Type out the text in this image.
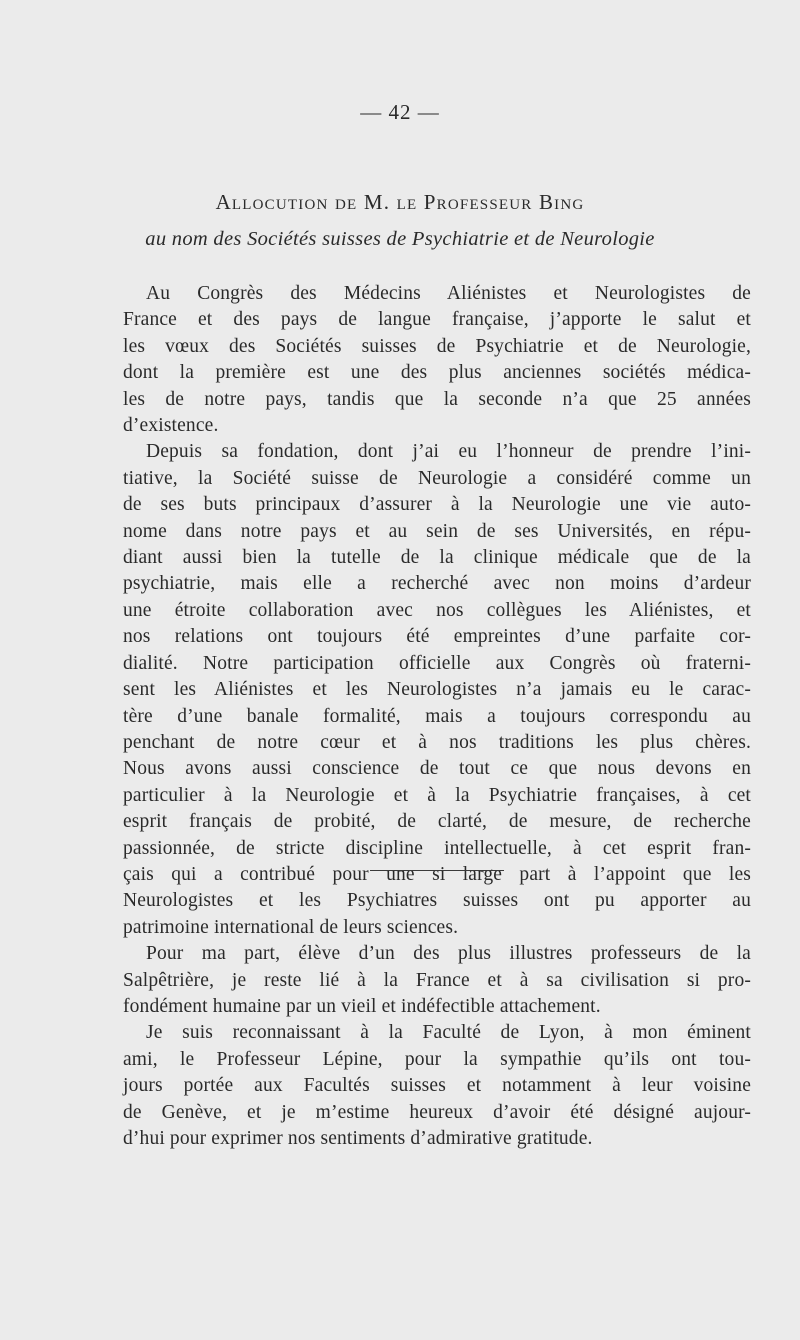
— 42 —
Allocution de M. le Professeur Bing
au nom des Sociétés suisses de Psychiatrie et de Neurologie
Au Congrès des Médecins Aliénistes et Neurologistes de
France et des pays de langue française, j’apporte le salut et
les vœux des Sociétés suisses de Psychiatrie et de Neurologie,
dont la première est une des plus anciennes sociétés médica-
les de notre pays, tandis que la seconde n’a que 25 années
d’existence.
Depuis sa fondation, dont j’ai eu l’honneur de prendre l’ini-
tiative, la Société suisse de Neurologie a considéré comme un
de ses buts principaux d’assurer à la Neurologie une vie auto-
nome dans notre pays et au sein de ses Universités, en répu-
diant aussi bien la tutelle de la clinique médicale que de la
psychiatrie, mais elle a recherché avec non moins d’ardeur
une étroite collaboration avec nos collègues les Aliénistes, et
nos relations ont toujours été empreintes d’une parfaite cor-
dialité. Notre participation officielle aux Congrès où fraterni-
sent les Aliénistes et les Neurologistes n’a jamais eu le carac-
tère d’une banale formalité, mais a toujours correspondu au
penchant de notre cœur et à nos traditions les plus chères.
Nous avons aussi conscience de tout ce que nous devons en
particulier à la Neurologie et à la Psychiatrie françaises, à cet
esprit français de probité, de clarté, de mesure, de recherche
passionnée, de stricte discipline intellectuelle, à cet esprit fran-
çais qui a contribué pour une si large part à l’appoint que les
Neurologistes et les Psychiatres suisses ont pu apporter au
patrimoine international de leurs sciences.
Pour ma part, élève d’un des plus illustres professeurs de la
Salpêtrière, je reste lié à la France et à sa civilisation si pro-
fondément humaine par un vieil et indéfectible attachement.
Je suis reconnaissant à la Faculté de Lyon, à mon éminent
ami, le Professeur Lépine, pour la sympathie qu’ils ont tou-
jours portée aux Facultés suisses et notamment à leur voisine
de Genève, et je m’estime heureux d’avoir été désigné aujour-
d’hui pour exprimer nos sentiments d’admirative gratitude.
